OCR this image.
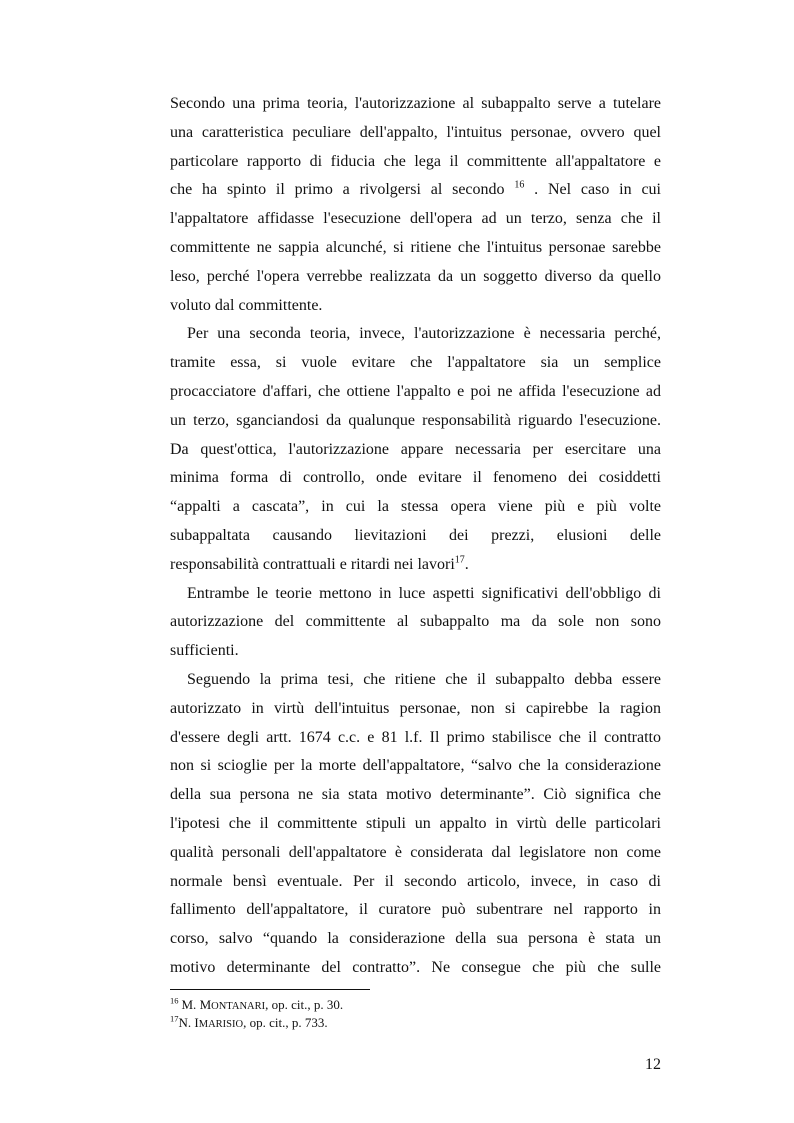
Secondo una prima teoria, l'autorizzazione al subappalto serve a tutelare
una caratteristica peculiare dell'appalto, l'intuitus personae, ovvero quel
particolare rapporto di fiducia che lega il committente all'appaltatore e
che ha spinto il primo a rivolgersi al secondo $^{16}$ . Nel caso in cui
l'appaltatore affidasse l'esecuzione dell'opera ad un terzo, senza che il
committente ne sappia alcunché, si ritiene che l'intuitus personae sarebbe
leso, perché l'opera verrebbe realizzata da un soggetto diverso da quello
voluto dal committente.
Per una seconda teoria, invece, l'autorizzazione è necessaria perché,
tramite essa, si vuole evitare che l'appaltatore sia un semplice
procacciatore d'affari, che ottiene l'appalto e poi ne affida l'esecuzione ad
un terzo, sganciandosi da qualunque responsabilità riguardo l'esecuzione.
Da quest'ottica, l'autorizzazione appare necessaria per esercitare una
minima forma di controllo, onde evitare il fenomeno dei cosiddetti
“appalti a cascata”, in cui la stessa opera viene più e più volte
subappaltata causando lievitazioni dei prezzi, elusioni delle
responsabilità contrattuali e ritardi nei lavori$^{17}$.
Entrambe le teorie mettono in luce aspetti significativi dell'obbligo di
autorizzazione del committente al subappalto ma da sole non sono
sufficienti.
Seguendo la prima tesi, che ritiene che il subappalto debba essere
autorizzato in virtù dell'intuitus personae, non si capirebbe la ragion
d'essere degli artt. 1674 c.c. e 81 l.f. Il primo stabilisce che il contratto
non si scioglie per la morte dell'appaltatore, “salvo che la considerazione
della sua persona ne sia stata motivo determinante”. Ciò significa che
l'ipotesi che il committente stipuli un appalto in virtù delle particolari
qualità personali dell'appaltatore è considerata dal legislatore non come
normale bensì eventuale. Per il secondo articolo, invece, in caso di
fallimento dell'appaltatore, il curatore può subentrare nel rapporto in
corso, salvo “quando la considerazione della sua persona è stata un
motivo determinante del contratto”. Ne consegue che più che sulle
$^{16}$ M. MONTANARI, op. cit., p. 30.
$^{17}$N. IMARISIO, op. cit., p. 733.
12
